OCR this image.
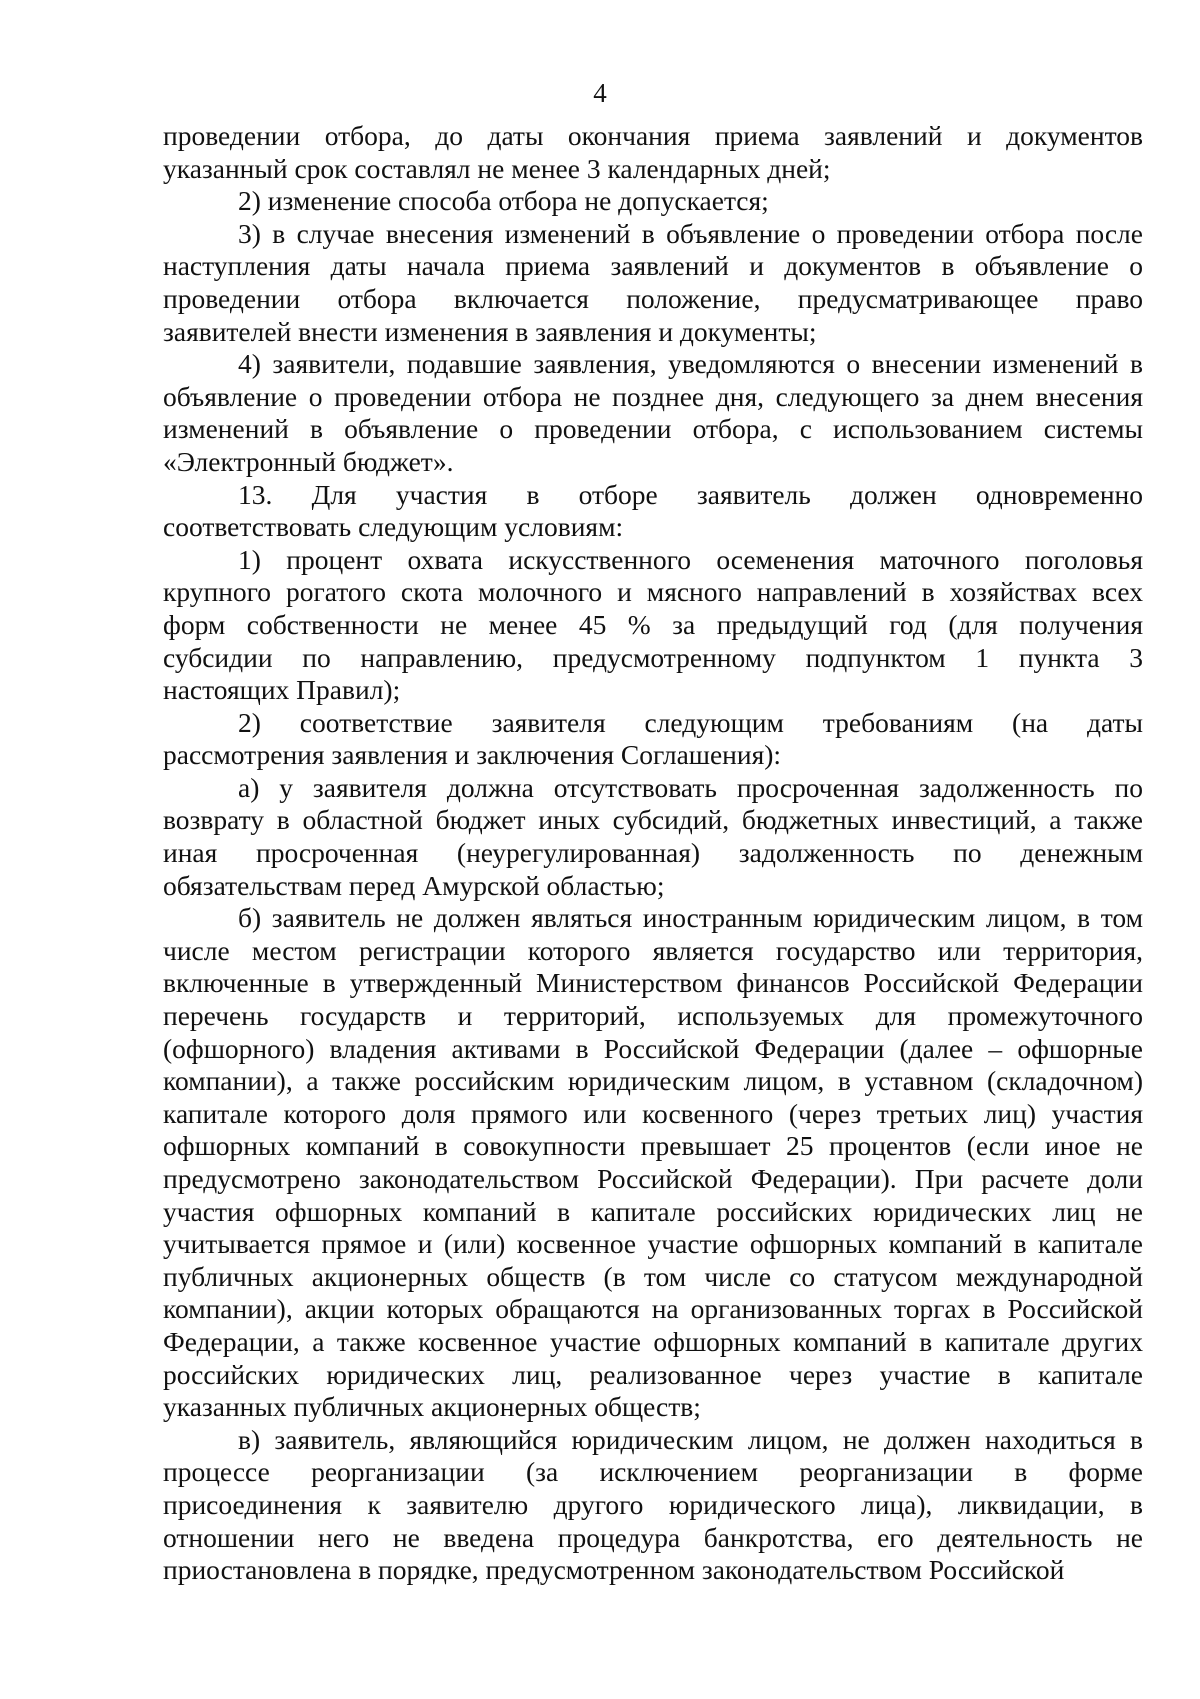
4
проведении отбора, до даты окончания приема заявлений и документов
указанный срок составлял не менее 3 календарных дней;
2) изменение способа отбора не допускается;
3) в случае внесения изменений в объявление о проведении отбора после
наступления даты начала приема заявлений и документов в объявление о
проведении отбора включается положение, предусматривающее право
заявителей внести изменения в заявления и документы;
4) заявители, подавшие заявления, уведомляются о внесении изменений в
объявление о проведении отбора не позднее дня, следующего за днем внесения
изменений в объявление о проведении отбора, с использованием системы
«Электронный бюджет».
13. Для участия в отборе заявитель должен одновременно
соответствовать следующим условиям:
1) процент охвата искусственного осеменения маточного поголовья
крупного рогатого скота молочного и мясного направлений в хозяйствах всех
форм собственности не менее 45 % за предыдущий год (для получения
субсидии по направлению, предусмотренному подпунктом 1 пункта 3
настоящих Правил);
2) соответствие заявителя следующим требованиям (на даты
рассмотрения заявления и заключения Соглашения):
а) у заявителя должна отсутствовать просроченная задолженность по
возврату в областной бюджет иных субсидий, бюджетных инвестиций, а также
иная просроченная (неурегулированная) задолженность по денежным
обязательствам перед Амурской областью;
б) заявитель не должен являться иностранным юридическим лицом, в том
числе местом регистрации которого является государство или территория,
включенные в утвержденный Министерством финансов Российской Федерации
перечень государств и территорий, используемых для промежуточного
(офшорного) владения активами в Российской Федерации (далее – офшорные
компании), а также российским юридическим лицом, в уставном (складочном)
капитале которого доля прямого или косвенного (через третьих лиц) участия
офшорных компаний в совокупности превышает 25 процентов (если иное не
предусмотрено законодательством Российской Федерации). При расчете доли
участия офшорных компаний в капитале российских юридических лиц не
учитывается прямое и (или) косвенное участие офшорных компаний в капитале
публичных акционерных обществ (в том числе со статусом международной
компании), акции которых обращаются на организованных торгах в Российской
Федерации, а также косвенное участие офшорных компаний в капитале других
российских юридических лиц, реализованное через участие в капитале
указанных публичных акционерных обществ;
в) заявитель, являющийся юридическим лицом, не должен находиться в
процессе реорганизации (за исключением реорганизации в форме
присоединения к заявителю другого юридического лица), ликвидации, в
отношении него не введена процедура банкротства, его деятельность не
приостановлена в порядке, предусмотренном законодательством Российской
